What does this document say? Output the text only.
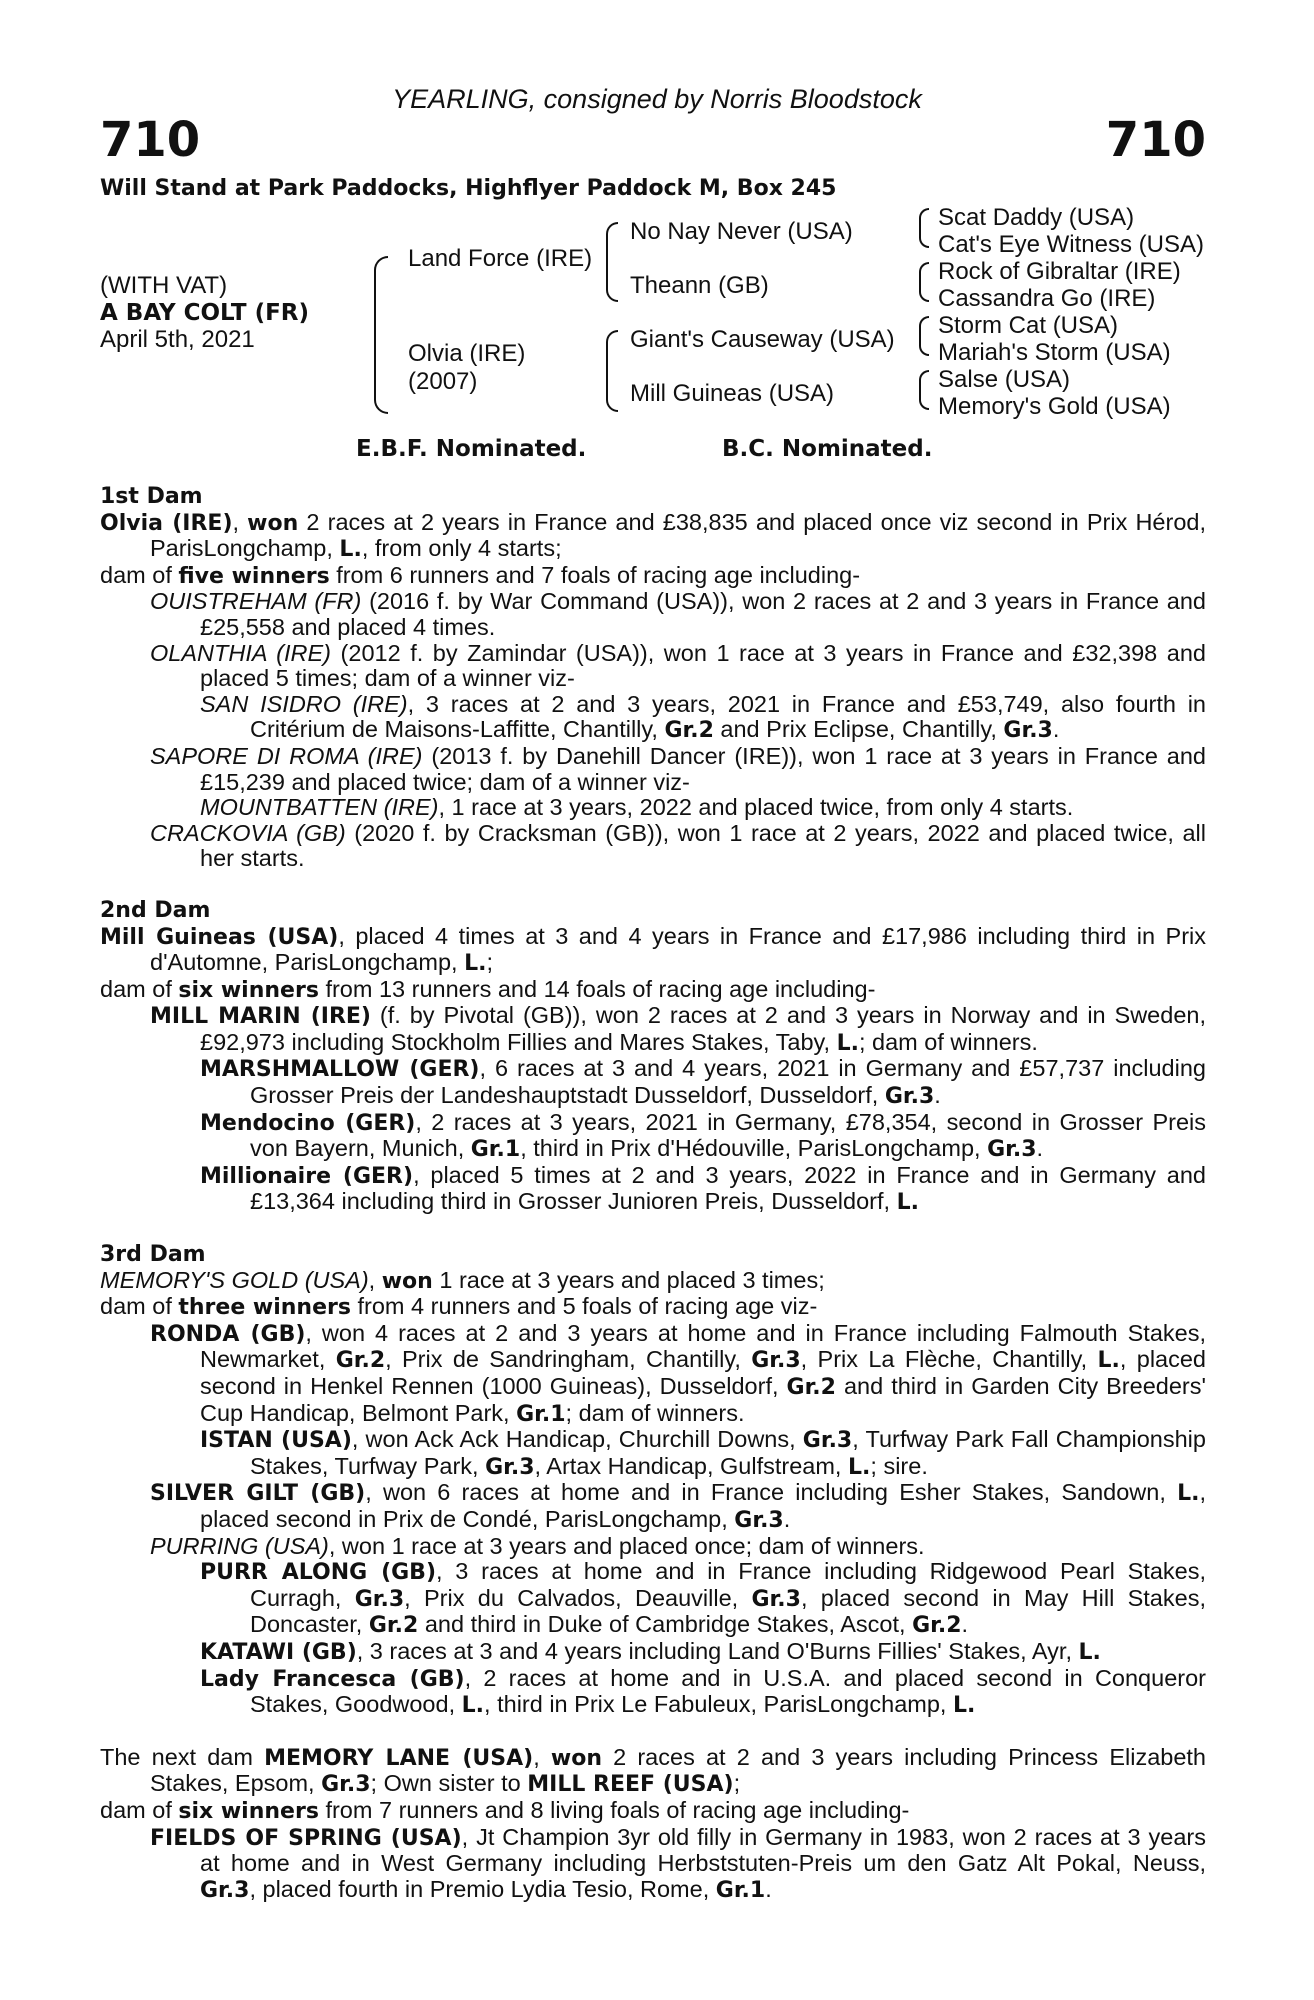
YEARLING, consigned by Norris Bloodstock
710	710
Will Stand at Park Paddocks, Highflyer Paddock M, Box 245
(WITH VAT)
A BAY COLT (FR)
April 5th, 2021
Land Force (IRE)
Olvia (IRE)
(2007)
No Nay Never (USA)
Theann (GB)
Giant's Causeway (USA)
Mill Guineas (USA)
Scat Daddy (USA)
Cat's Eye Witness (USA)
Rock of Gibraltar (IRE)
Cassandra Go (IRE)
Storm Cat (USA)
Mariah's Storm (USA)
Salse (USA)
Memory's Gold (USA)
E.B.F. Nominated.	B.C. Nominated.

1st Dam

Olvia (IRE), won 2 races at 2 years in France and £38,835 and placed once viz second in Prix Hérod, ParisLongchamp, L., from only 4 starts;

dam of five winners from 6 runners and 7 foals of racing age including-

OUISTREHAM (FR) (2016 f. by War Command (USA)), won 2 races at 2 and 3 years in France and £25,558 and placed 4 times.

OLANTHIA (IRE) (2012 f. by Zamindar (USA)), won 1 race at 3 years in France and £32,398 and placed 5 times; dam of a winner viz-

SAN ISIDRO (IRE), 3 races at 2 and 3 years, 2021 in France and £53,749, also fourth in Critérium de Maisons-Laffitte, Chantilly, Gr.2 and Prix Eclipse, Chantilly, Gr.3.

SAPORE DI ROMA (IRE) (2013 f. by Danehill Dancer (IRE)), won 1 race at 3 years in France and £15,239 and placed twice; dam of a winner viz-

MOUNTBATTEN (IRE), 1 race at 3 years, 2022 and placed twice, from only 4 starts.

CRACKOVIA (GB) (2020 f. by Cracksman (GB)), won 1 race at 2 years, 2022 and placed twice, all her starts.

2nd Dam

Mill Guineas (USA), placed 4 times at 3 and 4 years in France and £17,986 including third in Prix d'Automne, ParisLongchamp, L.;

dam of six winners from 13 runners and 14 foals of racing age including-

MILL MARIN (IRE) (f. by Pivotal (GB)), won 2 races at 2 and 3 years in Norway and in Sweden, £92,973 including Stockholm Fillies and Mares Stakes, Taby, L.; dam of winners.

MARSHMALLOW (GER), 6 races at 3 and 4 years, 2021 in Germany and £57,737 including Grosser Preis der Landeshauptstadt Dusseldorf, Dusseldorf, Gr.3.

Mendocino (GER), 2 races at 3 years, 2021 in Germany, £78,354, second in Grosser Preis von Bayern, Munich, Gr.1, third in Prix d'Hédouville, ParisLongchamp, Gr.3.

Millionaire (GER), placed 5 times at 2 and 3 years, 2022 in France and in Germany and £13,364 including third in Grosser Junioren Preis, Dusseldorf, L.

3rd Dam

MEMORY'S GOLD (USA), won 1 race at 3 years and placed 3 times;

dam of three winners from 4 runners and 5 foals of racing age viz-

RONDA (GB), won 4 races at 2 and 3 years at home and in France including Falmouth Stakes, Newmarket, Gr.2, Prix de Sandringham, Chantilly, Gr.3, Prix La Flèche, Chantilly, L., placed second in Henkel Rennen (1000 Guineas), Dusseldorf, Gr.2 and third in Garden City Breeders' Cup Handicap, Belmont Park, Gr.1; dam of winners.

ISTAN (USA), won Ack Ack Handicap, Churchill Downs, Gr.3, Turfway Park Fall Championship Stakes, Turfway Park, Gr.3, Artax Handicap, Gulfstream, L.; sire.

SILVER GILT (GB), won 6 races at home and in France including Esher Stakes, Sandown, L., placed second in Prix de Condé, ParisLongchamp, Gr.3.

PURRING (USA), won 1 race at 3 years and placed once; dam of winners.

PURR ALONG (GB), 3 races at home and in France including Ridgewood Pearl Stakes, Curragh, Gr.3, Prix du Calvados, Deauville, Gr.3, placed second in May Hill Stakes, Doncaster, Gr.2 and third in Duke of Cambridge Stakes, Ascot, Gr.2.

KATAWI (GB), 3 races at 3 and 4 years including Land O'Burns Fillies' Stakes, Ayr, L.

Lady Francesca (GB), 2 races at home and in U.S.A. and placed second in Conqueror Stakes, Goodwood, L., third in Prix Le Fabuleux, ParisLongchamp, L.

The next dam MEMORY LANE (USA), won 2 races at 2 and 3 years including Princess Elizabeth Stakes, Epsom, Gr.3; Own sister to MILL REEF (USA);

dam of six winners from 7 runners and 8 living foals of racing age including-

FIELDS OF SPRING (USA), Jt Champion 3yr old filly in Germany in 1983, won 2 races at 3 years at home and in West Germany including Herbststuten-Preis um den Gatz Alt Pokal, Neuss, Gr.3, placed fourth in Premio Lydia Tesio, Rome, Gr.1.
